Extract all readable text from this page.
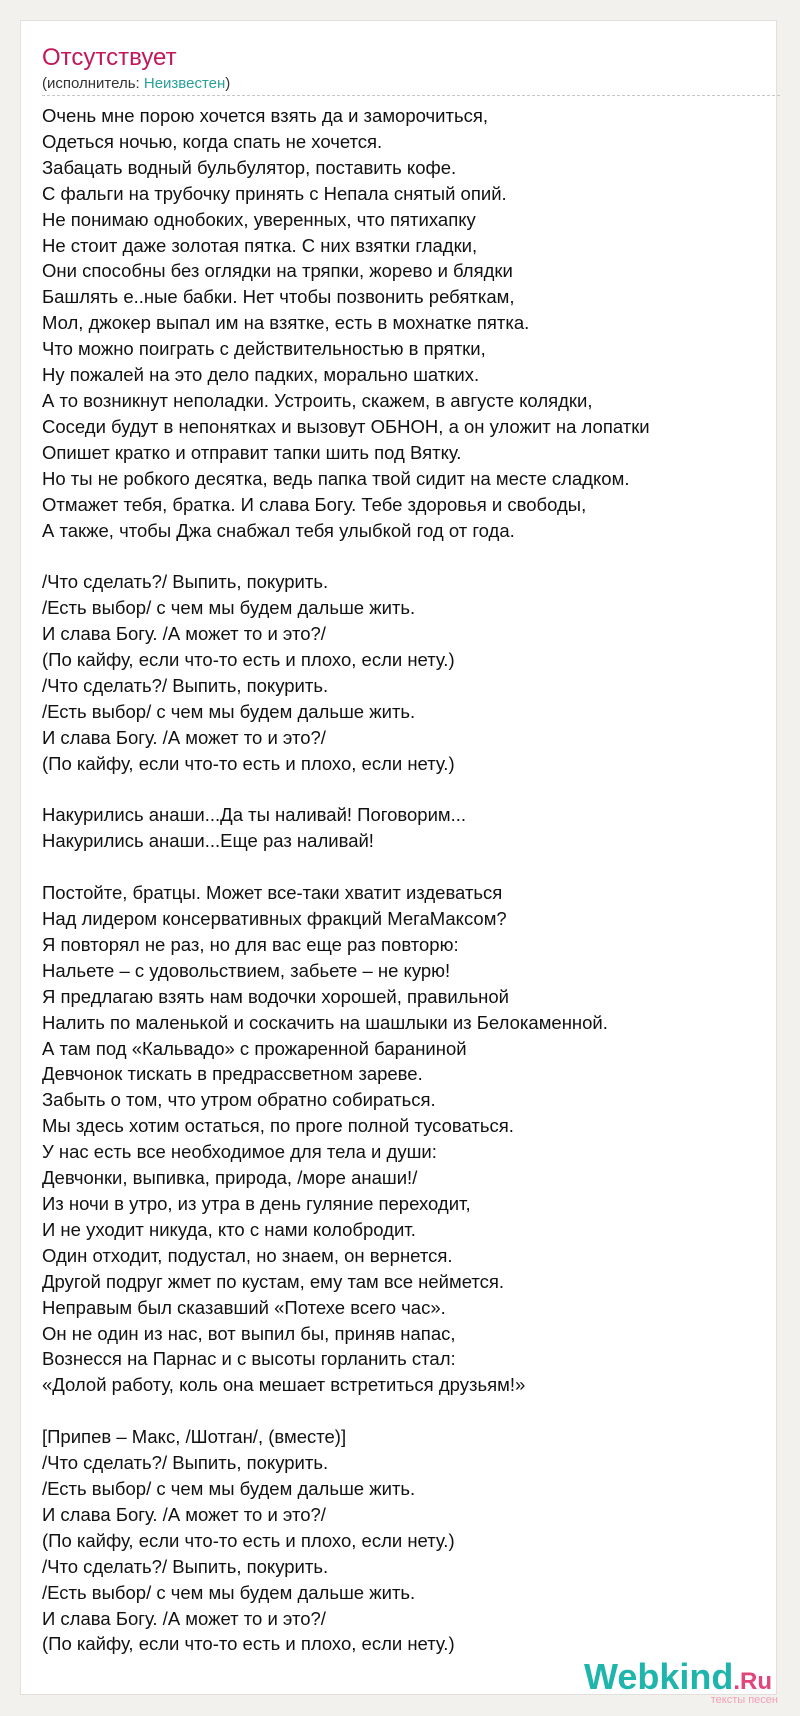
Отсутствует
(исполнитель: Неизвестен)
Очень мне порою хочется взять да и заморочиться,
Одеться ночью, когда спать не хочется.
Забацать водный бульбулятор, поставить кофе.
С фальги на трубочку принять с Непала снятый опий.
Не понимаю однобоких, уверенных, что пятихапку
Не стоит даже золотая пятка. С них взятки гладки,
Они способны без оглядки на тряпки, жорево и блядки
Башлять е..ные бабки. Нет чтобы позвонить ребяткам,
Мол, джокер выпал им на взятке, есть в мохнатке пятка.
Что можно поиграть с действительностью в прятки,
Ну пожалей на это дело падких, морально шатких.
А то возникнут неполадки. Устроить, скажем, в августе колядки,
Соседи будут в непонятках и вызовут ОБНОН, а он уложит на лопатки
Опишет кратко и отправит тапки шить под Вятку.
Но ты не робкого десятка, ведь папка твой сидит на месте сладком.
Отмажет тебя, братка. И слава Богу. Тебе здоровья и свободы,
А также, чтобы Джа снабжал тебя улыбкой год от года.
/Что сделать?/ Выпить, покурить.
/Есть выбор/ с чем мы будем дальше жить.
И слава Богу. /А может то и это?/
(По кайфу, если что-то есть и плохо, если нету.)
/Что сделать?/ Выпить, покурить.
/Есть выбор/ с чем мы будем дальше жить.
И слава Богу. /А может то и это?/
(По кайфу, если что-то есть и плохо, если нету.)
Накурились анаши...Да ты наливай! Поговорим...
Накурились анаши...Еще раз наливай!
Постойте, братцы. Может все-таки хватит издеваться
Над лидером консервативных фракций МегаМаксом?
Я повторял не раз, но для вас еще раз повторю:
Нальете – с удовольствием, забьете – не курю!
Я предлагаю взять нам водочки хорошей, правильной
Налить по маленькой и соскачить на шашлыки из Белокаменной.
А там под «Кальвадо» с прожаренной бараниной
Девчонок тискать в предрассветном зареве.
Забыть о том, что утром обратно собираться.
Мы здесь хотим остаться, по проге полной тусоваться.
У нас есть все необходимое для тела и души:
Девчонки, выпивка, природа, /море анаши!/
Из ночи в утро, из утра в день гуляние переходит,
И не уходит никуда, кто с нами колобродит.
Один отходит, подустал, но знаем, он вернется.
Другой подруг жмет по кустам, ему там все неймется.
Неправым был сказавший «Потехе всего час».
Он не один из нас, вот выпил бы, приняв напас,
Вознесся на Парнас и с высоты горланить стал:
«Долой работу, коль она мешает встретиться друзьям!»
[Припев – Макс, /Шотган/, (вместе)]
/Что сделать?/ Выпить, покурить.
/Есть выбор/ с чем мы будем дальше жить.
И слава Богу. /А может то и это?/
(По кайфу, если что-то есть и плохо, если нету.)
/Что сделать?/ Выпить, покурить.
/Есть выбор/ с чем мы будем дальше жить.
И слава Богу. /А может то и это?/
(По кайфу, если что-то есть и плохо, если нету.)
Webkind.Ru
тексты песен
